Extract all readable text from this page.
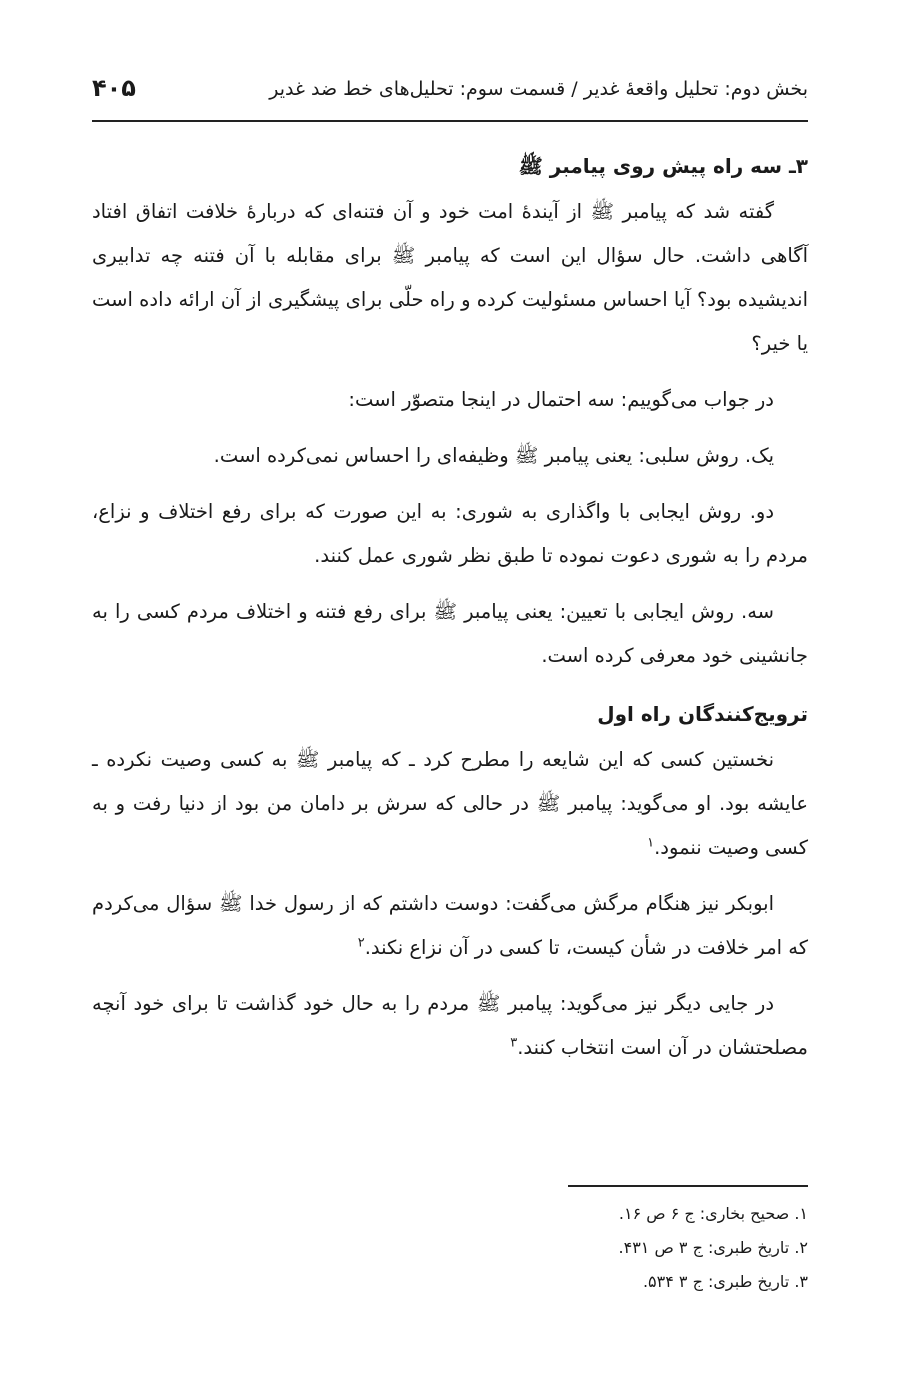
بخش دوم: تحلیل واقعهٔ غدیر / قسمت سوم: تحلیل‌های خط ضد غدیر
۴۰۵
۳ـ سه راه پیش روی پیامبر ﷺ

گفته شد که پیامبر ﷺ از آیندهٔ امت خود و آن فتنه‌ای که دربارهٔ خلافت اتفاق افتاد آگاهی داشت. حال سؤال این است که پیامبر ﷺ برای مقابله با آن فتنه چه تدابیری اندیشیده بود؟ آیا احساس مسئولیت کرده و راه حلّی برای پیشگیری از آن ارائه داده است یا خیر؟

در جواب می‌گوییم: سه احتمال در اینجا متصوّر است:

یک. روش سلبی: یعنی پیامبر ﷺ وظیفه‌ای را احساس نمی‌کرده است.

دو. روش ایجابی با واگذاری به شوری: به این صورت که برای رفع اختلاف و نزاع، مردم را به شوری دعوت نموده تا طبق نظر شوری عمل کنند.

سه. روش ایجابی با تعیین: یعنی پیامبر ﷺ برای رفع فتنه و اختلاف مردم کسی را به جانشینی خود معرفی کرده است.

ترویج‌کنندگان راه اول

نخستین کسی که این شایعه را مطرح کرد ـ که پیامبر ﷺ به کسی وصیت نکرده ـ عایشه بود. او می‌گوید: پیامبر ﷺ در حالی که سرش بر دامان من بود از دنیا رفت و به کسی وصیت ننمود.$^۱$

ابوبکر نیز هنگام مرگش می‌گفت: دوست داشتم که از رسول خدا ﷺ سؤال می‌کردم که امر خلافت در شأن کیست، تا کسی در آن نزاع نکند.$^۲$

در جایی دیگر نیز می‌گوید: پیامبر ﷺ مردم را به حال خود گذاشت تا برای خود آنچه مصلحتشان در آن است انتخاب کنند.$^۳$

۱. صحیح بخاری: ج ۶ ص ۱۶.
۲. تاریخ طبری: ج ۳ ص ۴۳۱.
۳. تاریخ طبری: ج ۳ ۵۳۴.
